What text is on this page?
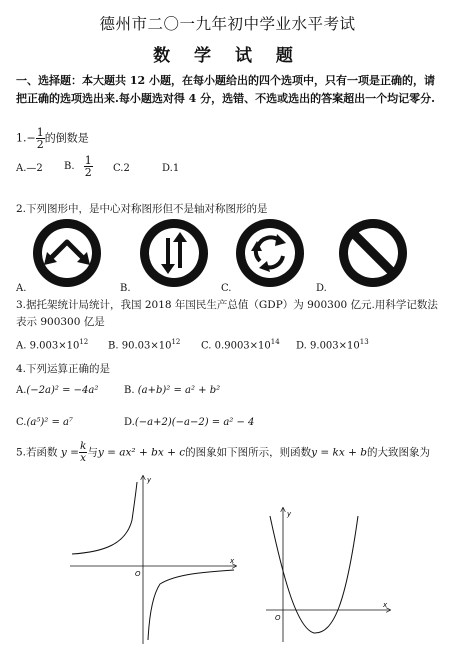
德州市二〇一九年初中学业水平考试
数 学 试 题
一、选择题：本大题共 12 小题，在每小题给出的四个选项中，只有一项是正确的，请把正确的选项选出来.每小题选对得 4 分，选错、不选或选出的答案超出一个均记零分.
$1.- \frac{1}{2}$ 的倒数是
A.—2 B. $\frac{1}{2} C.2$	D.1
2.下列图形中，是中心对称图形但不是轴对称图形的是
A.	B.	C.	D.
3.据托架统计局统计，我国 2018 年国民生产总值（GDP）为 900300 亿元.用科学记数法表示 900300 亿是
A. $9.003\times 10^{12}$ B. $90.03\times 10^{12}$ C. $0.9003\times 10^{14}$ D. $9.003\times 10^{13}$
4.下列运算正确的是
A.(−2a)² = −4a²	B. (a+b)² = a² + b²
C.(a⁵)² = a⁷	D.(−a+2)(−a−2) = a² − 4
5.若函数 $y = \frac{k}{x}$ 与y = ax² + bx + c的图象如下图所示，则函数y = kx + b的大致图象为
x
y
O
x
y
O
